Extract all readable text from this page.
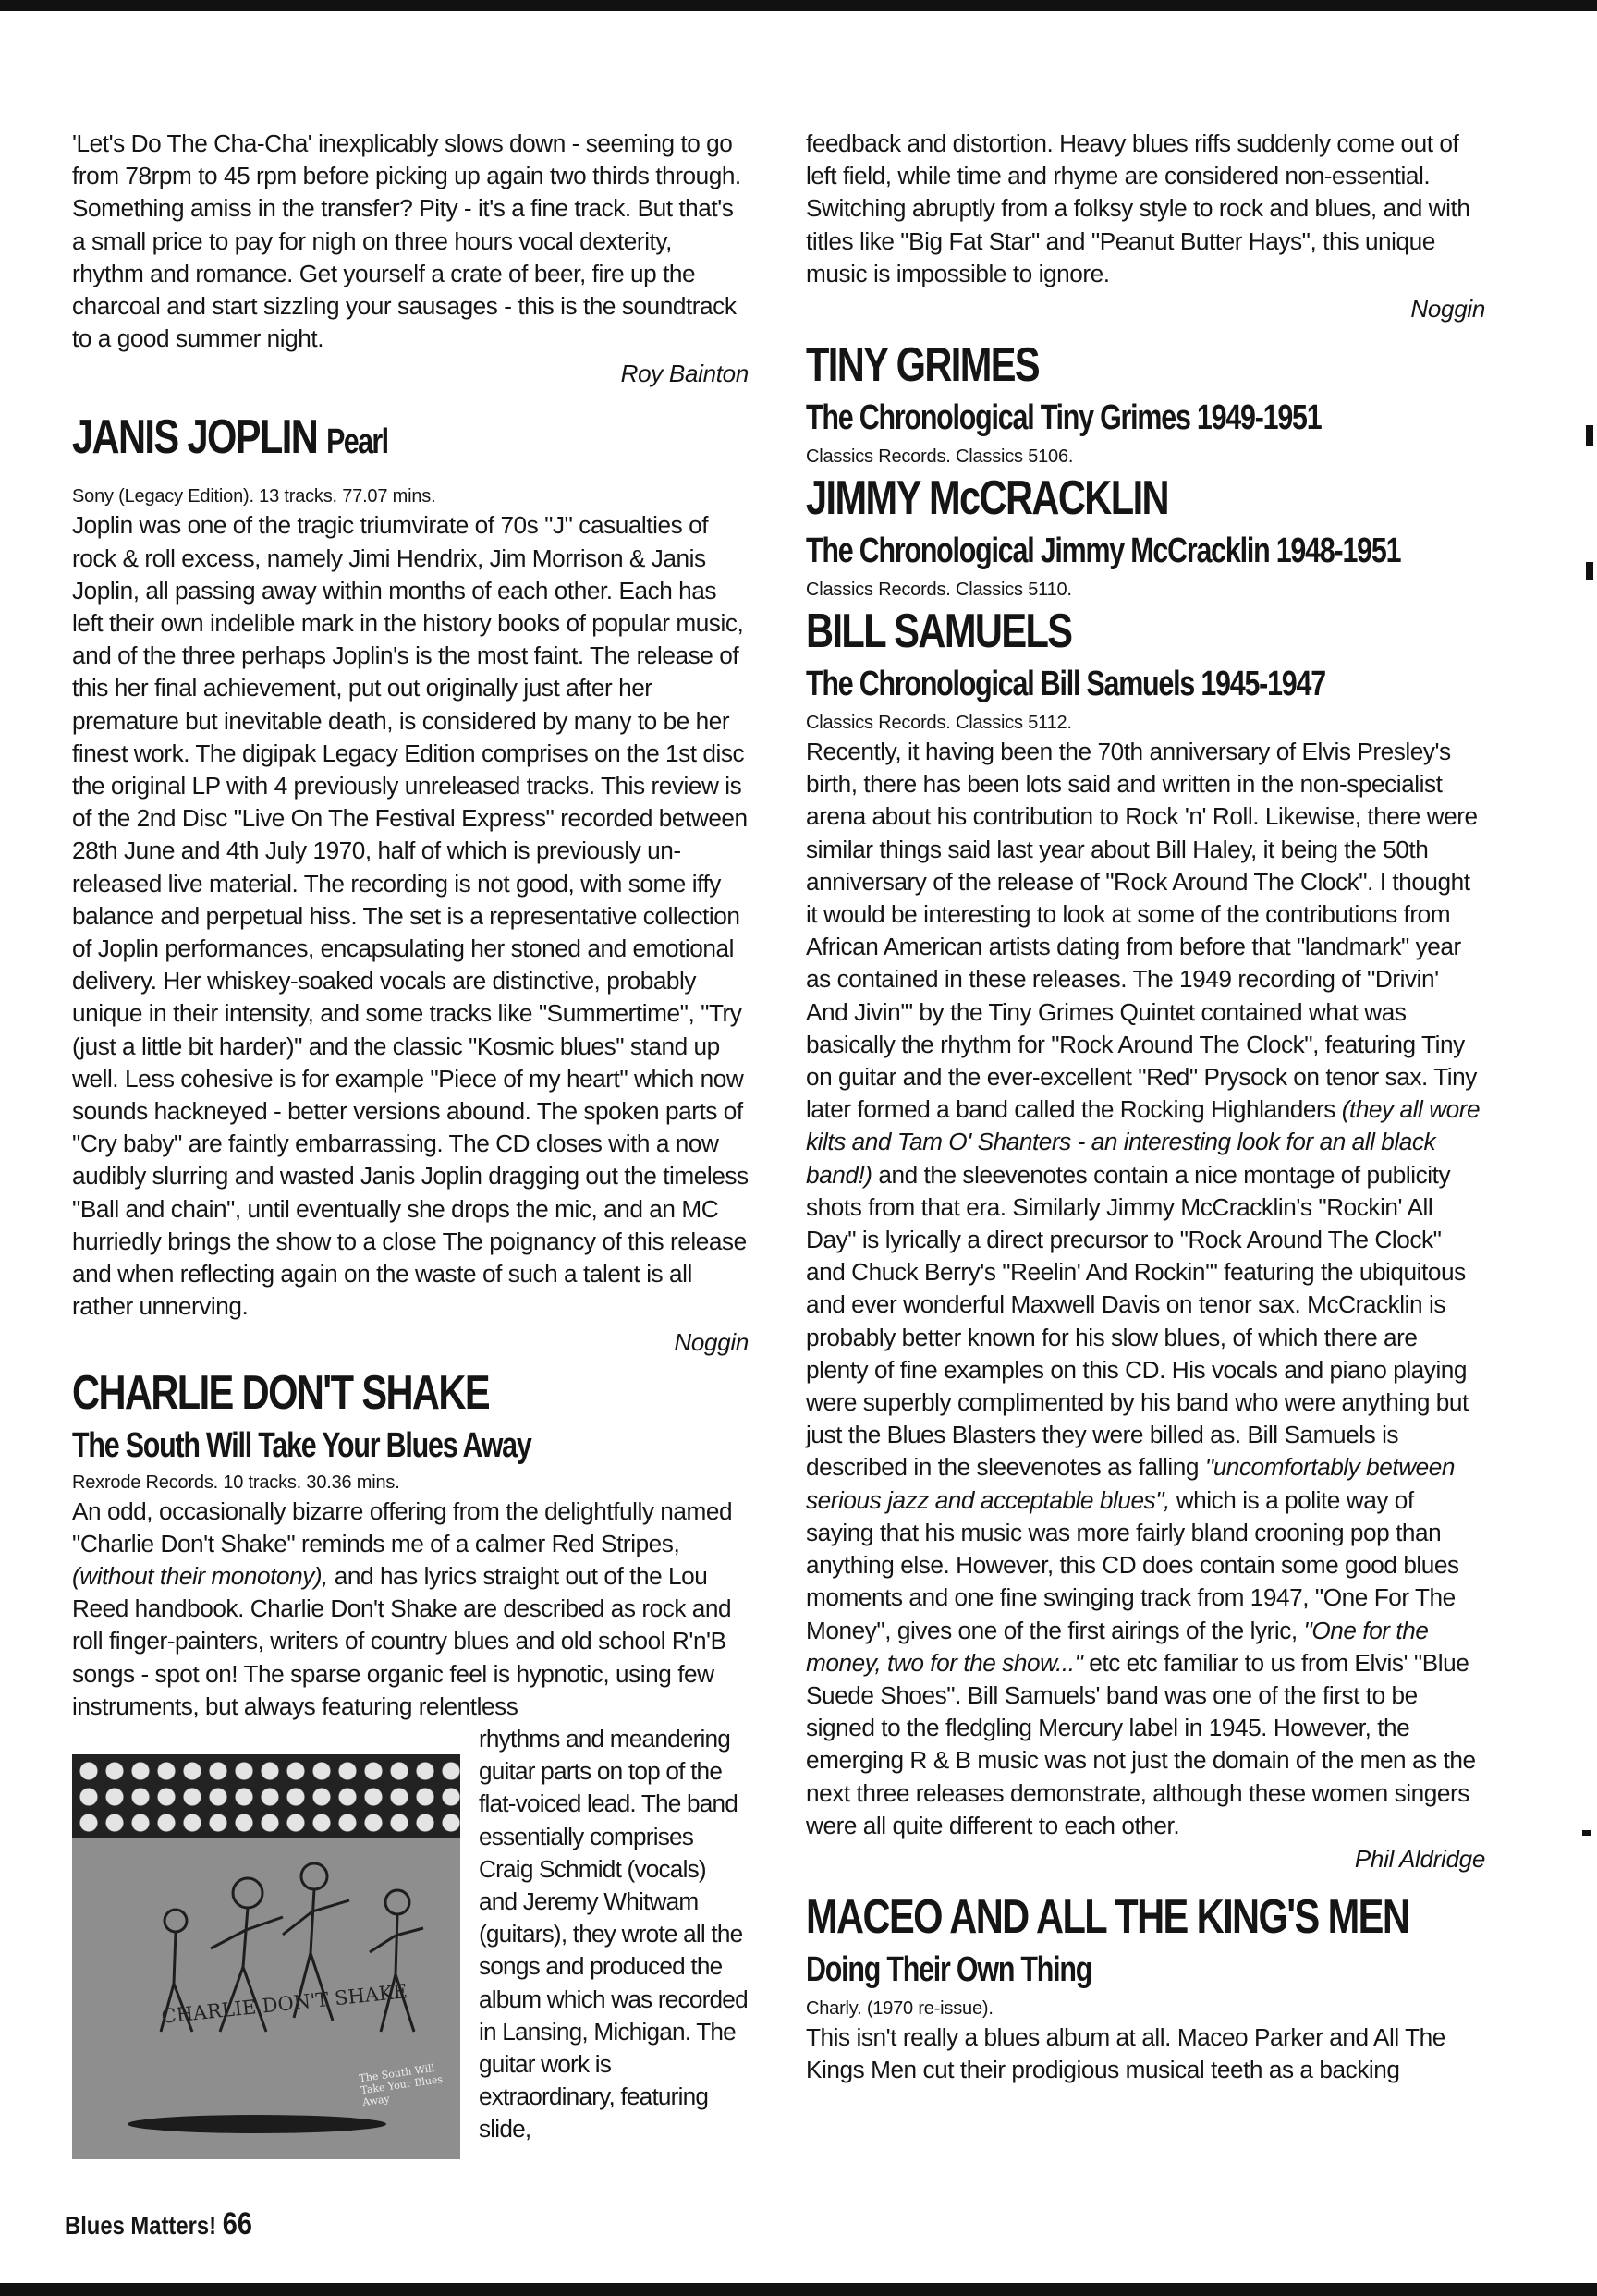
'Let's Do The Cha-Cha' inexplicably slows down - seeming to go from 78rpm to 45 rpm before picking up again two thirds through. Something amiss in the transfer? Pity - it's a fine track. But that's a small price to pay for nigh on three hours vocal dexterity, rhythm and romance. Get yourself a crate of beer, fire up the charcoal and start sizzling your sausages - this is the soundtrack to a good summer night.

Roy Bainton

JANIS JOPLIN Pearl

Sony (Legacy Edition). 13 tracks. 77.07 mins.

Joplin was one of the tragic triumvirate of 70s "J" casualties of rock & roll excess, namely Jimi Hendrix, Jim Morrison & Janis Joplin, all passing away within months of each other. Each has left their own indelible mark in the history books of popular music, and of the three perhaps Joplin's is the most faint. The release of this her final achievement, put out originally just after her premature but inevitable death, is considered by many to be her finest work. The digipak Legacy Edition comprises on the 1st disc the original LP with 4 previously unreleased tracks. This review is of the 2nd Disc "Live On The Festival Express" recorded between 28th June and 4th July 1970, half of which is previously un-released live material. The recording is not good, with some iffy balance and perpetual hiss. The set is a representative collection of Joplin performances, encapsulating her stoned and emotional delivery. Her whiskey-soaked vocals are distinctive, probably unique in their intensity, and some tracks like "Summertime", "Try (just a little bit harder)" and the classic "Kosmic blues" stand up well. Less cohesive is for example "Piece of my heart" which now sounds hackneyed - better versions abound. The spoken parts of "Cry baby" are faintly embarrassing. The CD closes with a now audibly slurring and wasted Janis Joplin dragging out the timeless "Ball and chain", until eventually she drops the mic, and an MC hurriedly brings the show to a close The poignancy of this release and when reflecting again on the waste of such a talent is all rather unnerving.

Noggin

CHARLIE DON'T SHAKE
The South Will Take Your Blues Away

Rexrode Records. 10 tracks. 30.36 mins.

An odd, occasionally bizarre offering from the delightfully named "Charlie Don't Shake" reminds me of a calmer Red Stripes, (without their monotony), and has lyrics straight out of the Lou Reed handbook. Charlie Don't Shake are described as rock and roll finger-painters, writers of country blues and old school R'n'B songs - spot on! The sparse organic feel is hypnotic, using few instruments, but always featuring relentless

CHARLIE DON'T SHAKE
The South Will Take Your Blues Away

rhythms and meandering guitar parts on top of the flat-voiced lead. The band essentially comprises Craig Schmidt (vocals) and Jeremy Whitwam (guitars), they wrote all the songs and produced the album which was recorded in Lansing, Michigan. The guitar work is extraordinary, featuring slide,

feedback and distortion. Heavy blues riffs suddenly come out of left field, while time and rhyme are considered non-essential. Switching abruptly from a folksy style to rock and blues, and with titles like "Big Fat Star" and "Peanut Butter Hays", this unique music is impossible to ignore.

Noggin

TINY GRIMES
The Chronological Tiny Grimes 1949-1951

Classics Records. Classics 5106.

JIMMY McCRACKLIN
The Chronological Jimmy McCracklin 1948-1951

Classics Records. Classics 5110.

BILL SAMUELS
The Chronological Bill Samuels 1945-1947

Classics Records. Classics 5112.

Recently, it having been the 70th anniversary of Elvis Presley's birth, there has been lots said and written in the non-specialist arena about his contribution to Rock 'n' Roll. Likewise, there were similar things said last year about Bill Haley, it being the 50th anniversary of the release of "Rock Around The Clock". I thought it would be interesting to look at some of the contributions from African American artists dating from before that "landmark" year as contained in these releases. The 1949 recording of "Drivin' And Jivin'" by the Tiny Grimes Quintet contained what was basically the rhythm for "Rock Around The Clock", featuring Tiny on guitar and the ever-excellent "Red" Prysock on tenor sax. Tiny later formed a band called the Rocking Highlanders (they all wore kilts and Tam O' Shanters - an interesting look for an all black band!) and the sleevenotes contain a nice montage of publicity shots from that era. Similarly Jimmy McCracklin's "Rockin' All Day" is lyrically a direct precursor to "Rock Around The Clock" and Chuck Berry's "Reelin' And Rockin'" featuring the ubiquitous and ever wonderful Maxwell Davis on tenor sax. McCracklin is probably better known for his slow blues, of which there are plenty of fine examples on this CD. His vocals and piano playing were superbly complimented by his band who were anything but just the Blues Blasters they were billed as. Bill Samuels is described in the sleevenotes as falling "uncomfortably between serious jazz and acceptable blues", which is a polite way of saying that his music was more fairly bland crooning pop than anything else. However, this CD does contain some good blues moments and one fine swinging track from 1947, "One For The Money", gives one of the first airings of the lyric, "One for the money, two for the show..." etc etc familiar to us from Elvis' "Blue Suede Shoes". Bill Samuels' band was one of the first to be signed to the fledgling Mercury label in 1945. However, the emerging R & B music was not just the domain of the men as the next three releases demonstrate, although these women singers were all quite different to each other.

Phil Aldridge

MACEO AND ALL THE KING'S MEN
Doing Their Own Thing

Charly. (1970 re-issue).

This isn't really a blues album at all. Maceo Parker and All The Kings Men cut their prodigious musical teeth as a backing

Blues Matters! 66
